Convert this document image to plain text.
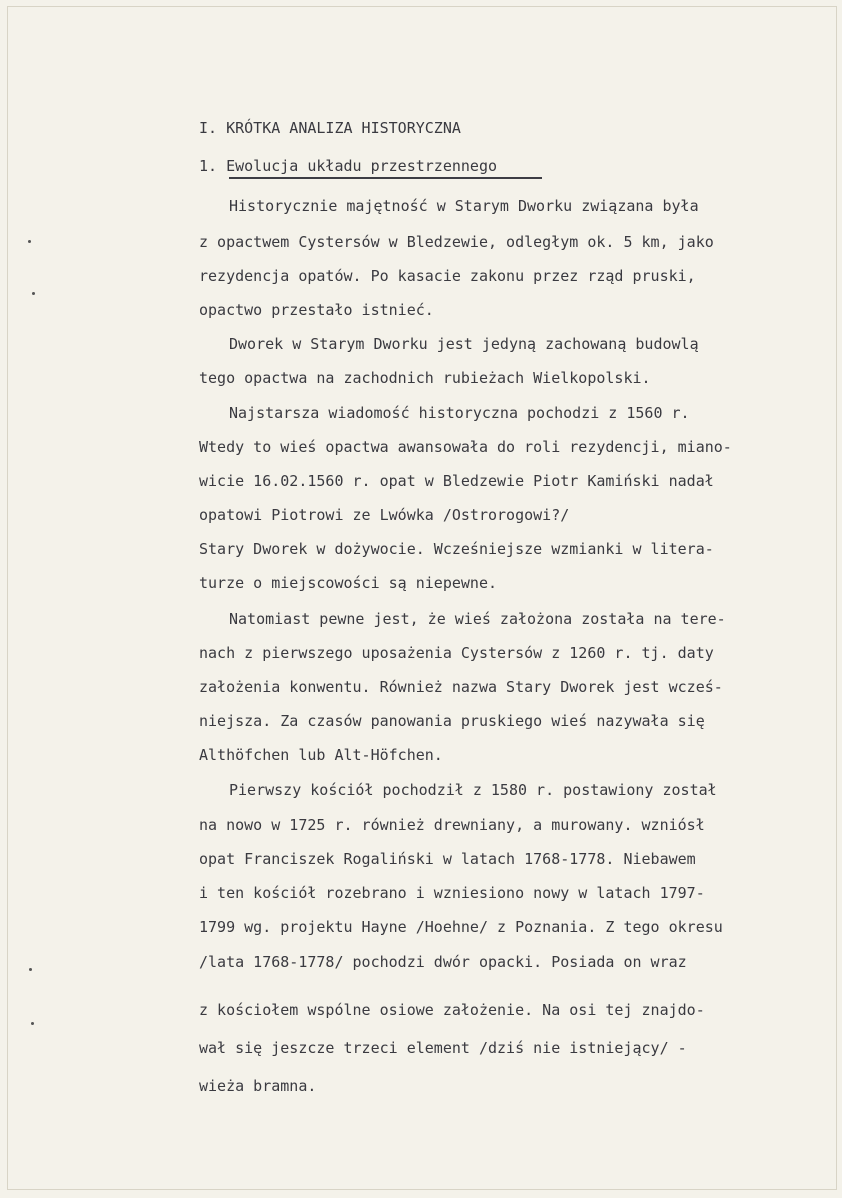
I. KRÓTKA ANALIZA HISTORYCZNA
1. Ewolucja układu przestrzennego
Historycznie majętność w Starym Dworku związana była
z opactwem Cystersów w Bledzewie, odległym ok. 5 km, jako
rezydencja opatów. Po kasacie zakonu przez rząd pruski,
opactwo przestało istnieć.
Dworek w Starym Dworku jest jedyną zachowaną budowlą
tego opactwa na zachodnich rubieżach Wielkopolski.
Najstarsza wiadomość historyczna pochodzi z 1560 r.
Wtedy to wieś opactwa awansowała do roli rezydencji, miano-
wicie 16.02.1560 r. opat w Bledzewie Piotr Kamiński nadał
opatowi Piotrowi ze Lwówka /Ostrorogowi?/
Stary Dworek w dożywocie. Wcześniejsze wzmianki w litera-
turze o miejscowości są niepewne.
Natomiast pewne jest, że wieś założona została na tere-
nach z pierwszego uposażenia Cystersów z 1260 r. tj. daty
założenia konwentu. Również nazwa Stary Dworek jest wcześ-
niejsza. Za czasów panowania pruskiego wieś nazywała się
Althöfchen lub Alt-Höfchen.
Pierwszy kościół pochodził z 1580 r. postawiony został
na nowo w 1725 r. również drewniany, a murowany. wzniósł
opat Franciszek Rogaliński w latach 1768-1778. Niebawem
i ten kościół rozebrano i wzniesiono nowy w latach 1797-
1799 wg. projektu Hayne /Hoehne/ z Poznania. Z tego okresu
/lata 1768-1778/ pochodzi dwór opacki. Posiada on wraz
z kościołem wspólne osiowe założenie. Na osi tej znajdo-
wał się jeszcze trzeci element /dziś nie istniejący/ -
wieża bramna.
